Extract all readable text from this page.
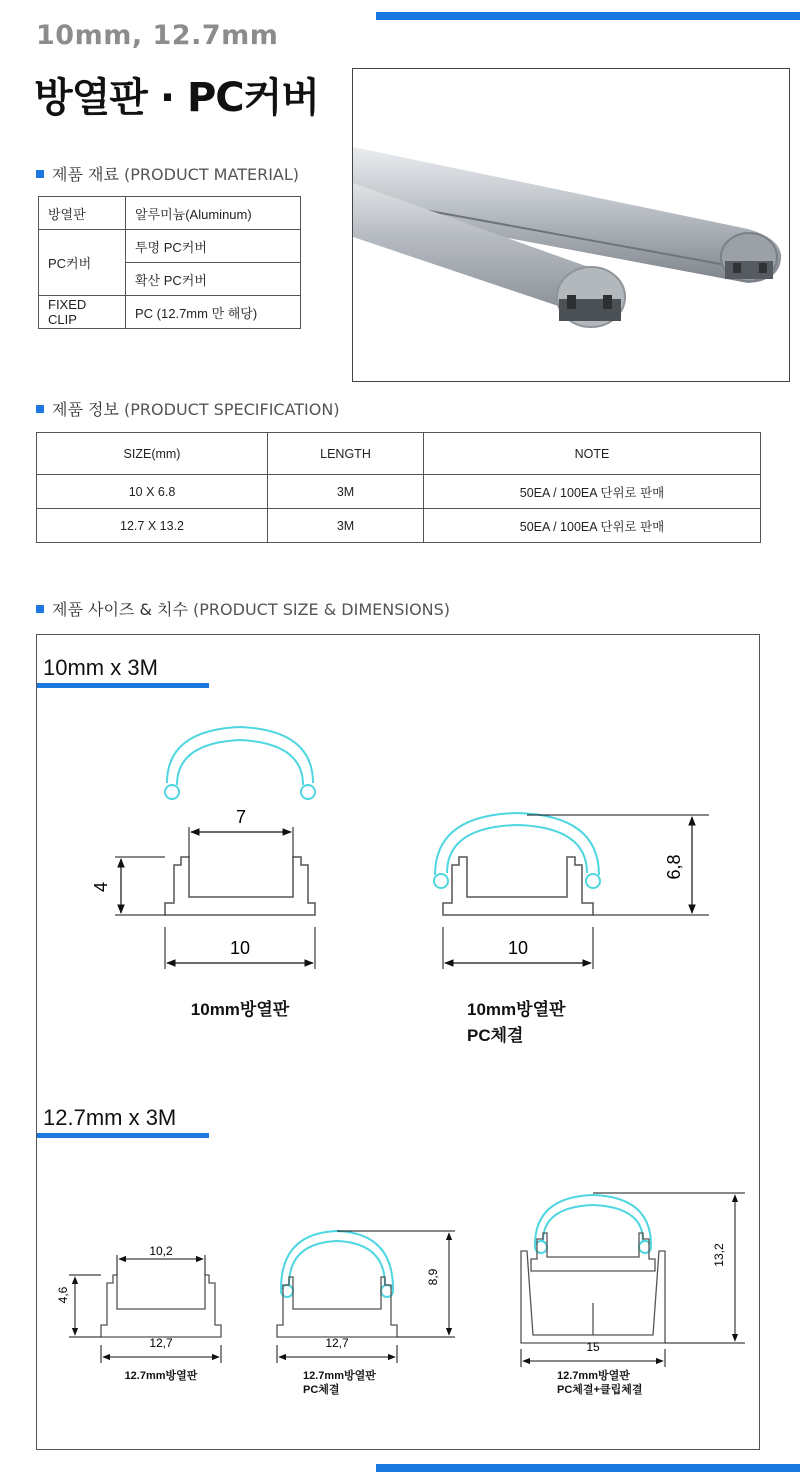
10mm, 12.7mm
방열판 · PC커버
제품 재료 (PRODUCT MATERIAL)
방열판	알루미늄(Aluminum)
PC커버	투명 PC커버
	확산 PC커버
FIXED CLIP	PC (12.7mm 만 해당)
제품 정보 (PRODUCT SPECIFICATION)
SIZE(mm)	LENGTH	NOTE
10 X 6.8	3M	50EA / 100EA 단위로 판매
12.7 X 13.2	3M	50EA / 100EA 단위로 판매
제품 사이즈 & 치수 (PRODUCT SIZE & DIMENSIONS)
10mm x 3M
12.7mm x 3M
7
4
10
10mm방열판
6,8
10
10mm방열판
PC체결
10,2
4,6
12,7
12.7mm방열판
8,9
12,7
12.7mm방열판
PC체결
13,2
15
12.7mm방열판
PC체결+클립체결
